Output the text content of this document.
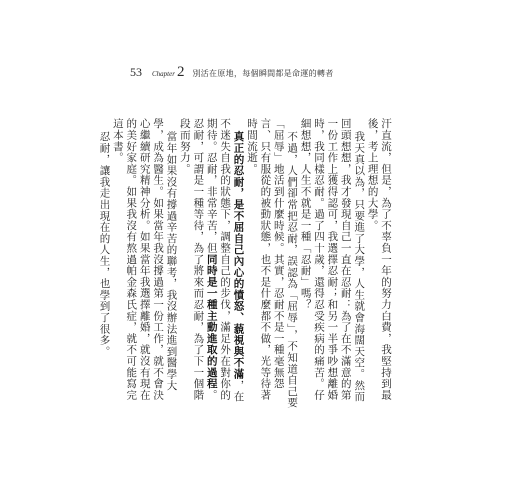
53 Chapter 2 別活在原地，每個瞬間都是命運的轉者

汗直流，但是，為了不辜負一年的努力白費，我堅持到最後，考上理想的大學。

我天真以為，只要進了大學，人生就會海闊天空。然而回頭想想，我才發現自己一直在忍耐：為了在不滿意的第一份工作上獲得認可，我選擇忍耐；和另一半爭吵想離婚時，我同樣忍耐。過了四十歲，還得忍受疾病的痛苦。仔細想想，人生不就是一種「忍耐」嗎？

不過，人們卻常把忍耐，誤認為「屈辱」，不知道自己要「屈辱」地活到什麼時候。其實，忍耐不是一種毫無怨言、只有服從的被動狀態，也不是什麼都不做，光等待著時間流逝。

真正的忍耐，是不屈自己內心的憤怒、藐視與不滿，在不迷失自我的狀態下，調整自己的步伐，滿足外在對你的期待。忍耐，非常辛苦，但同時是一種主動進取的過程。忍耐，可謂是一種等待，為了將來而忍耐，為了下一個階段而努力。

當年如果沒有撐過辛苦的聯考，我沒辦法進到醫學大學，成為醫生。如果當年我沒撐過第一份工作，就不會決心繼續研究精神分析。如果當年我選擇離婚，就沒有現在的美好家庭。如果我沒有熬過帕金森氏症，就不可能寫完這本書。

忍耐，讓我走出現在的人生，也學到了很多。
